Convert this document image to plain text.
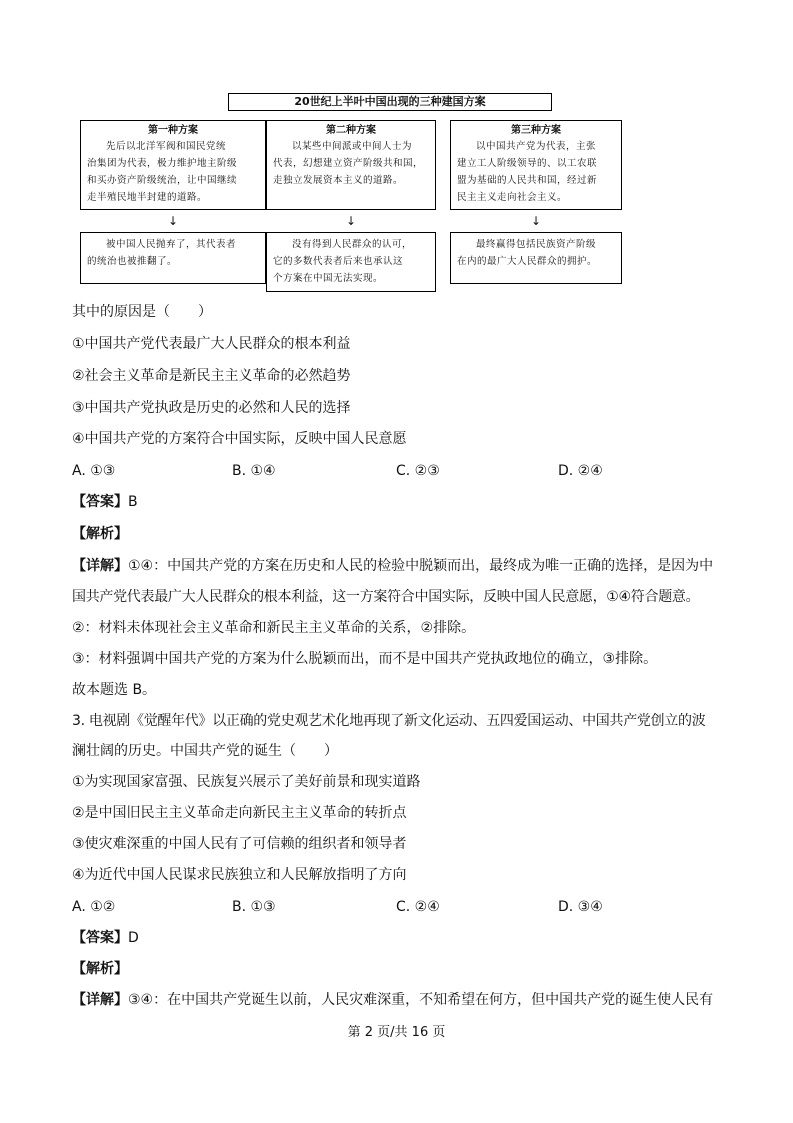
20世纪上半叶中国出现的三种建国方案
第一种方案
先后以北洋军阀和国民党统
治集团为代表，极力维护地主阶级
和买办资产阶级统治，让中国继续
走半殖民地半封建的道路。
第二种方案
以某些中间派或中间人士为
代表，幻想建立资产阶级共和国，
走独立发展资本主义的道路。
第三种方案
以中国共产党为代表，主张
建立工人阶级领导的、以工农联
盟为基础的人民共和国，经过新
民主主义走向社会主义。
↓	↓	↓
被中国人民抛弃了，其代表者
的统治也被推翻了。
没有得到人民群众的认可，
它的多数代表者后来也承认这
个方案在中国无法实现。
最终赢得包括民族资产阶级
在内的最广大人民群众的拥护。
其中的原因是（　　）
①中国共产党代表最广大人民群众的根本利益
②社会主义革命是新民主主义革命的必然趋势
③中国共产党执政是历史的必然和人民的选择
④中国共产党的方案符合中国实际，反映中国人民意愿
A. ①③	B. ①④	C. ②③	D. ②④
【答案】B
【解析】
【详解】①④：中国共产党的方案在历史和人民的检验中脱颖而出，最终成为唯一正确的选择，是因为中
国共产党代表最广大人民群众的根本利益，这一方案符合中国实际，反映中国人民意愿，①④符合题意。
②：材料未体现社会主义革命和新民主主义革命的关系，②排除。
③：材料强调中国共产党的方案为什么脱颖而出，而不是中国共产党执政地位的确立，③排除。
故本题选 B。
3. 电视剧《觉醒年代》以正确的党史观艺术化地再现了新文化运动、五四爱国运动、中国共产党创立的波
澜壮阔的历史。中国共产党的诞生（　　）
①为实现国家富强、民族复兴展示了美好前景和现实道路
②是中国旧民主主义革命走向新民主主义革命的转折点
③使灾难深重的中国人民有了可信赖的组织者和领导者
④为近代中国人民谋求民族独立和人民解放指明了方向
A. ①②	B. ①③	C. ②④	D. ③④
【答案】D
【解析】
【详解】③④：在中国共产党诞生以前，人民灾难深重，不知希望在何方，但中国共产党的诞生使人民有
第 2 页/共 16 页
